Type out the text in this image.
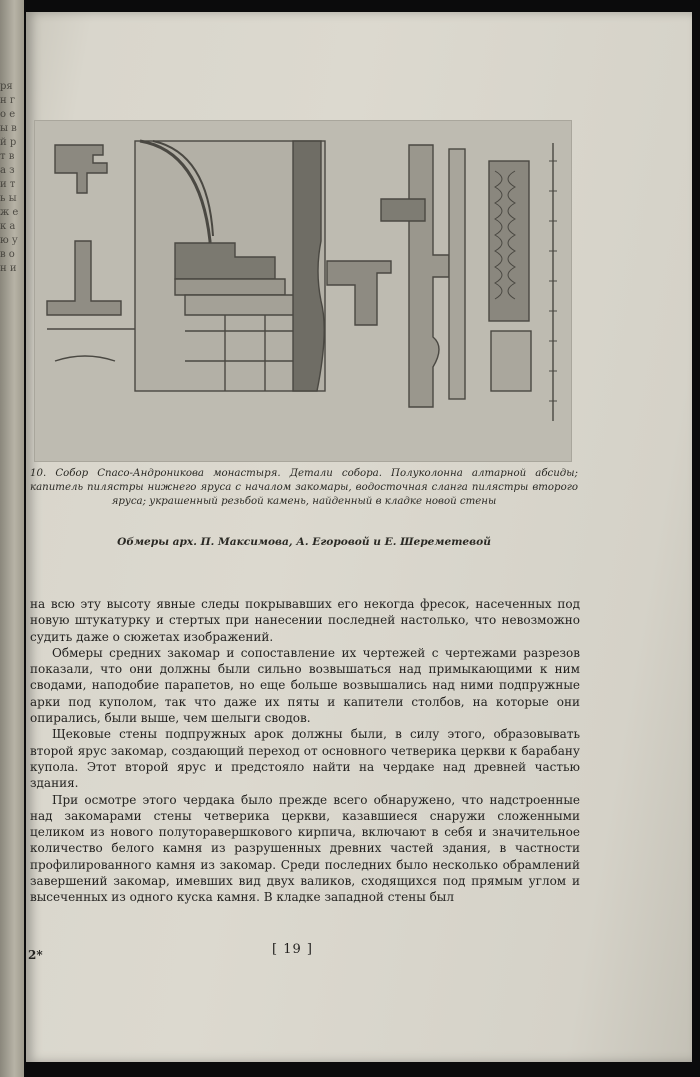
ря н г о е ы в й р т в а з и т ь ы ж е к а ю у в о н и
10. Собор Спасо-Андроникова монастыря. Детали собора. Полуколонна алтарной абсиды; капитель пилястры нижнего яруса с началом закомары, водосточная сланга пилястры второго яруса; украшенный резьбой камень, найденный в кладке новой стены
Обмеры арх. П. Максимова, А. Егоровой и Е. Шереметевой

на всю эту высоту явные следы покрывавших его некогда фресок, насеченных под новую штукатурку и стертых при нанесении последней настолько, что невозможно судить даже о сюжетах изображений.

Обмеры средних закомар и сопоставление их чертежей с чертежами разрезов показали, что они должны были сильно возвышаться над примыкающими к ним сводами, наподобие парапетов, но еще больше возвышались над ними подпружные арки под куполом, так что даже их пяты и капители столбов, на которые они опирались, были выше, чем шелыги сводов.

Щековые стены подпружных арок должны были, в силу этого, образовывать второй ярус закомар, создающий переход от основного четверика церкви к барабану купола. Этот второй ярус и предстояло найти на чердаке над древней частью здания.

При осмотре этого чердака было прежде всего обнаружено, что надстроенные над закомарами стены четверика церкви, казавшиеся снаружи сложенными целиком из нового полуторавершкового кирпича, включают в себя и значительное количество белого камня из разрушенных древних частей здания, в частности профилированного камня из закомар. Среди последних было несколько обрамлений завершений закомар, имевших вид двух валиков, сходящихся под прямым углом и высеченных из одного куска камня. В кладке западной стены был

2*	[ 19 ]
